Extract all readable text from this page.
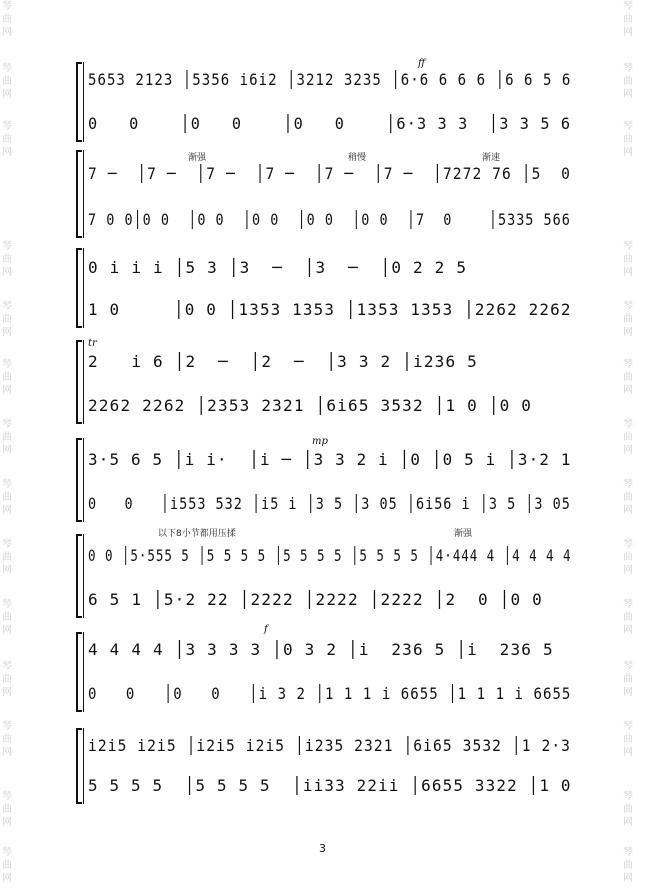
琴
曲
网
琴
曲
网
琴
曲
网
琴
曲
网
琴
曲
网
琴
曲
网
琴
曲
网
琴
曲
网
琴
曲
网
琴
曲
网
琴
曲
网
琴
曲
网
琴
曲
网
琴
曲
网
琴
曲
网
琴
曲
网
琴
曲
网
琴
曲
网
琴
曲
网
琴
曲
网
琴
曲
网
琴
曲
网
琴
曲
网
琴
曲
网
琴
曲
网
琴
曲
网
琴
曲
网
琴
曲
网
5653 2123 │5356 i6i2 │3212 3235 │6·6 6 6 6 │6 6 5 6
0   0    │0   0    │0   0    │6·3 3 3  │3 3 5 6
ff
7 ─  │7 ─  │7 ─  │7 ─  │7 ─  │7 ─  │7272 76 │5  0
7 0 0│0 0  │0 0  │0 0  │0 0  │0 0  │7  0    │5335 566
渐强	稍慢	渐速
0 i i i │5 3 │3  ─  │3  ─  │0 2 2 5
1 0     │0 0 │1353 1353 │1353 1353 │2262 2262
2   i 6 │2  ─  │2  ─  │3 3 2 │i236 5
2262 2262 │2353 2321 │6i65 3532 │1 0 │0 0
tr
3·5 6 5 │i i·  │i ─ │3 3 2 i │0 │0 5 i │3·2 1
0   0   │i553 532 │i5 i │3 5 │3 05 │6i56 i │3 5 │3 05
mp
0 0 │5·555 5 │5 5 5 5 │5 5 5 5 │5 5 5 5 │4·444 4 │4 4 4 4
6 5 1 │5·2 22 │2222 │2222 │2222 │2  0 │0 0
以下8小节都用压揉	渐强
4 4 4 4 │3 3 3 3 │0 3 2 │i  236 5 │i  236 5
0   0   │0   0   │i 3 2 │1 1 1 i 6655 │1 1 1 i 6655
f
i2i5 i2i5 │i2i5 i2i5 │i235 2321 │6i65 3532 │1 2·3
5 5 5 5  │5 5 5 5  │ii33 22ii │6655 3322 │1 0
3
